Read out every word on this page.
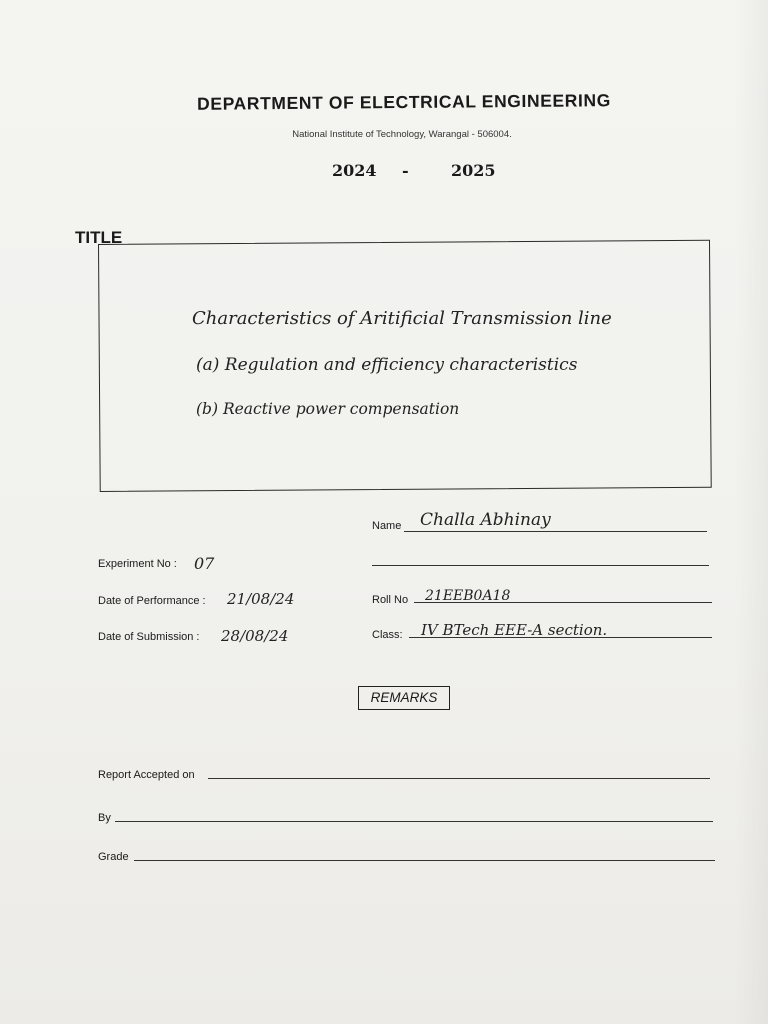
DEPARTMENT OF ELECTRICAL ENGINEERING
National Institute of Technology, Warangal - 506004.
2024 -	2025
TITLE
Characteristics of Aritificial Transmission line
(a) Regulation and efficiency characteristics
(b) Reactive power compensation
Name Challa Abhinay
Experiment No : 07
Date of Performance : 21/08/24	Roll No 21EEB0A18
Date of Submission : 28/08/24	Class: IV BTech EEE-A section.
REMARKS
Report Accepted on
By
Grade
